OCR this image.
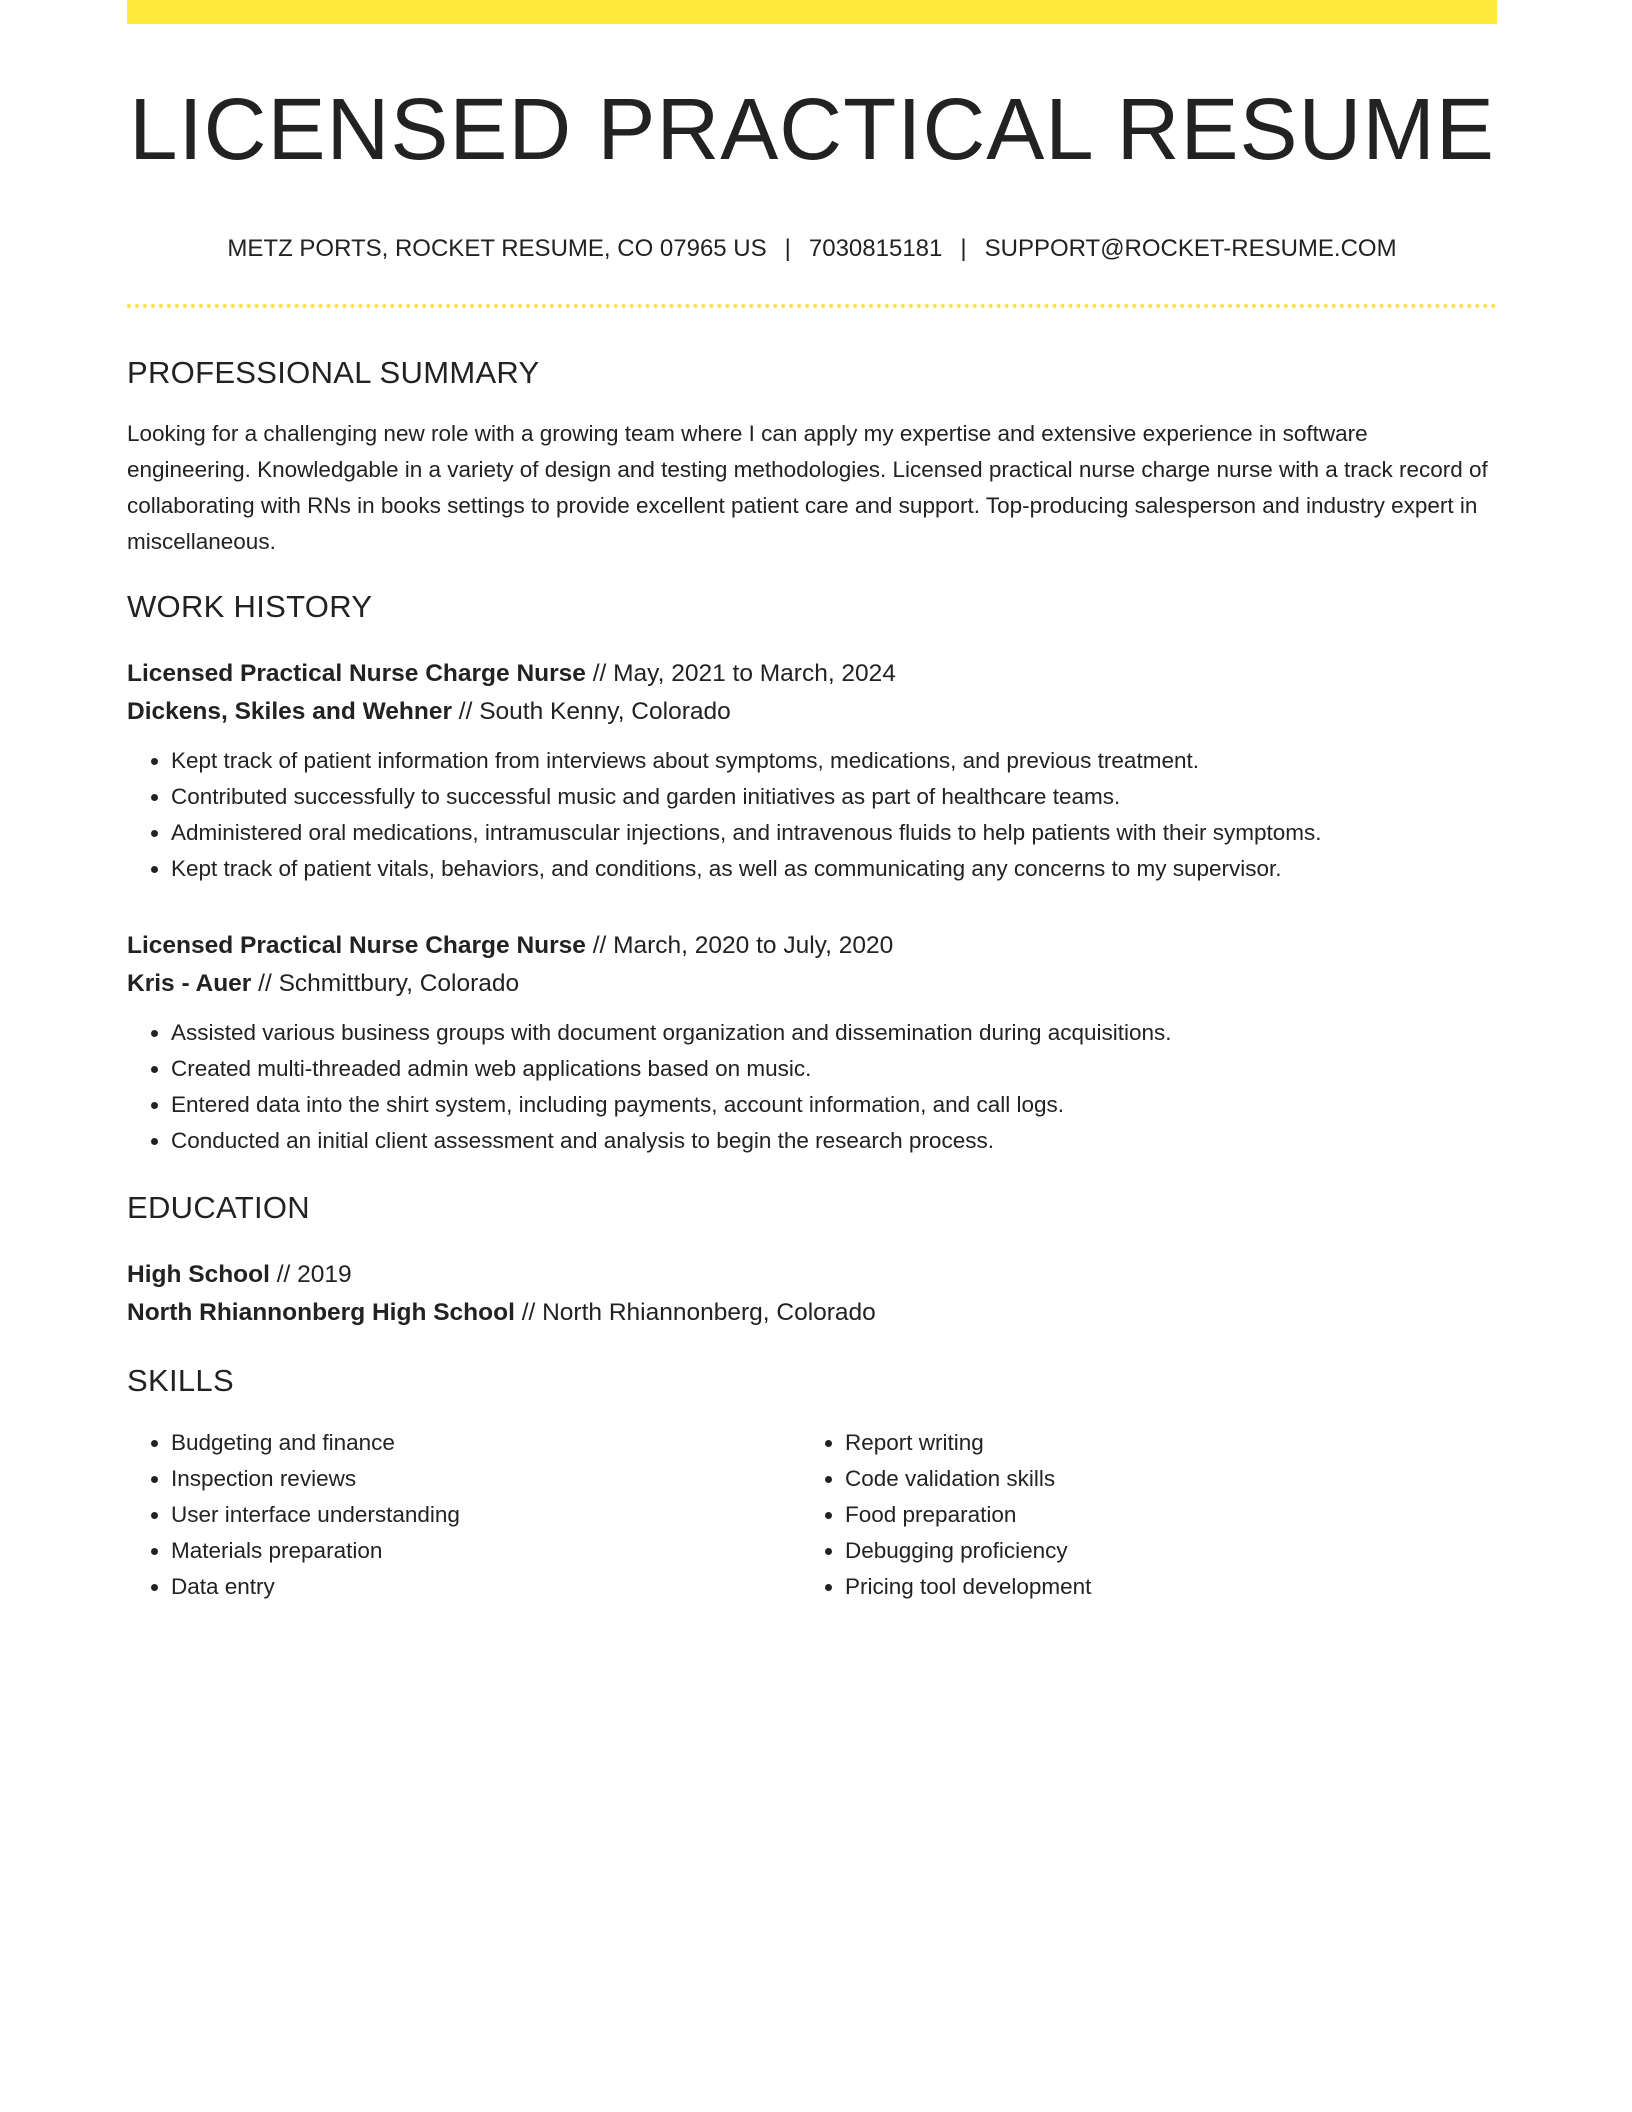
LICENSED PRACTICAL RESUME
METZ PORTS, ROCKET RESUME, CO 07965 US | 7030815181 | SUPPORT@ROCKET-RESUME.COM
PROFESSIONAL SUMMARY

Looking for a challenging new role with a growing team where I can apply my expertise and extensive experience in software engineering. Knowledgable in a variety of design and testing methodologies. Licensed practical nurse charge nurse with a track record of collaborating with RNs in books settings to provide excellent patient care and support. Top-producing salesperson and industry expert in miscellaneous.

WORK HISTORY
Licensed Practical Nurse Charge Nurse // May, 2021 to March, 2024
Dickens, Skiles and Wehner // South Kenny, Colorado
• Kept track of patient information from interviews about symptoms, medications, and previous treatment.
• Contributed successfully to successful music and garden initiatives as part of healthcare teams.
• Administered oral medications, intramuscular injections, and intravenous fluids to help patients with their symptoms.
• Kept track of patient vitals, behaviors, and conditions, as well as communicating any concerns to my supervisor.
Licensed Practical Nurse Charge Nurse // March, 2020 to July, 2020
Kris - Auer // Schmittbury, Colorado
• Assisted various business groups with document organization and dissemination during acquisitions.
• Created multi-threaded admin web applications based on music.
• Entered data into the shirt system, including payments, account information, and call logs.
• Conducted an initial client assessment and analysis to begin the research process.
EDUCATION
High School // 2019
North Rhiannonberg High School // North Rhiannonberg, Colorado
SKILLS
• Budgeting and finance
• Inspection reviews
• User interface understanding
• Materials preparation
• Data entry
• Report writing
• Code validation skills
• Food preparation
• Debugging proficiency
• Pricing tool development
